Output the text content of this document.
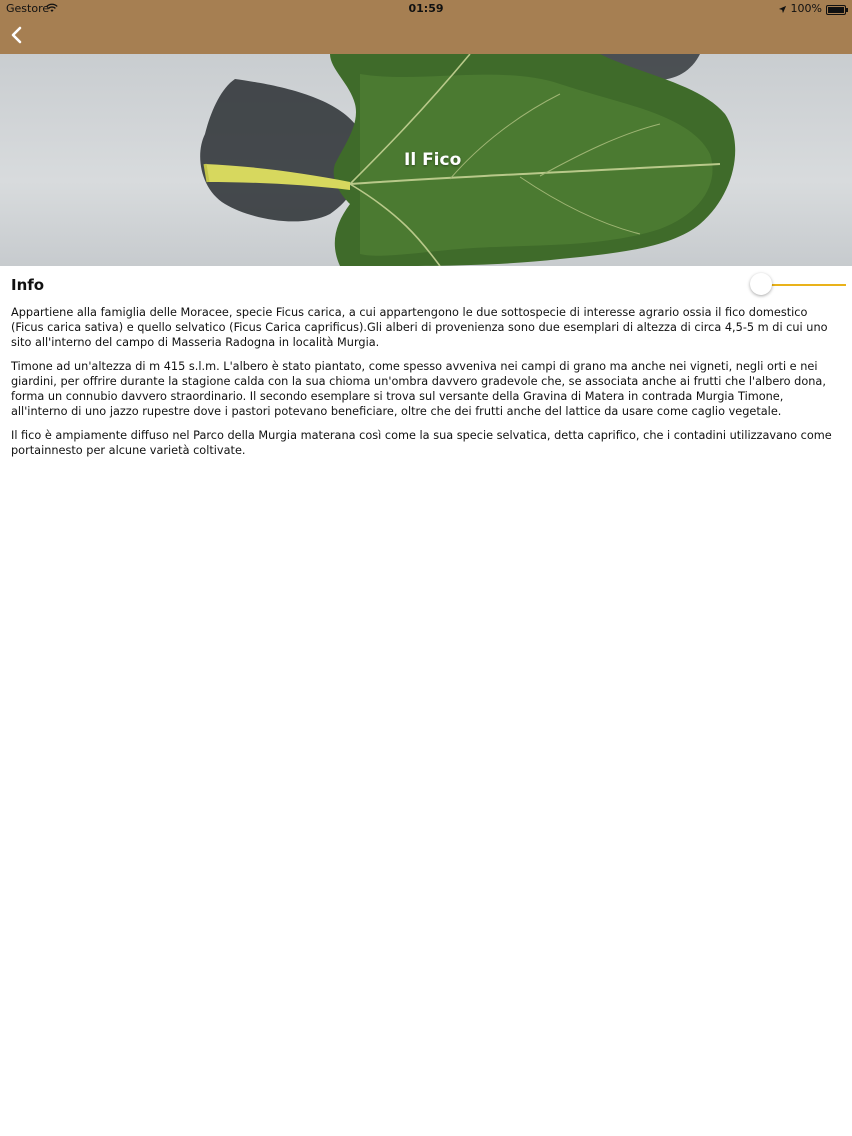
Gestore	01:59	100%
Il Fico
Info

Appartiene alla famiglia delle Moracee, specie Ficus carica, a cui appartengono le due sottospecie di interesse agrario ossia il fico domestico (Ficus carica sativa) e quello selvatico (Ficus Carica caprificus).Gli alberi di provenienza sono due esemplari di altezza di circa 4,5-5 m di cui uno sito all'interno del campo di Masseria Radogna in località Murgia.

Timone ad un'altezza di m 415 s.l.m. L'albero è stato piantato, come spesso avveniva nei campi di grano ma anche nei vigneti, negli orti e nei giardini, per offrire durante la stagione calda con la sua chioma un'ombra davvero gradevole che, se associata anche ai frutti che l'albero dona, forma un connubio davvero straordinario. Il secondo esemplare si trova sul versante della Gravina di Matera in contrada Murgia Timone, all'interno di uno jazzo rupestre dove i pastori potevano beneficiare, oltre che dei frutti anche del lattice da usare come caglio vegetale.

Il fico è ampiamente diffuso nel Parco della Murgia materana così come la sua specie selvatica, detta caprifico, che i contadini utilizzavano come portainnesto per alcune varietà coltivate.
